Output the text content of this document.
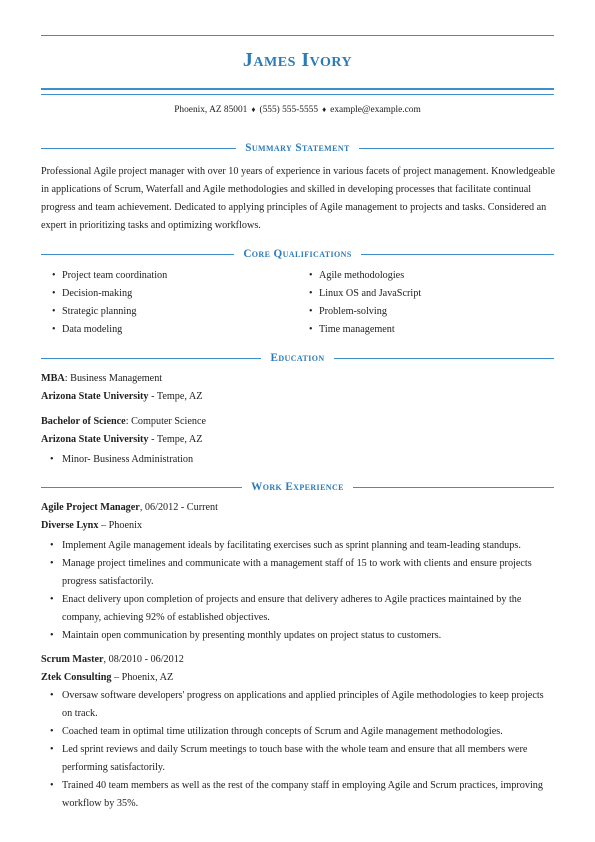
James Ivory
Phoenix, AZ 85001 ♦ (555) 555-5555 ♦ example@example.com
Summary Statement
Professional Agile project manager with over 10 years of experience in various facets of project management. Knowledgeable in applications of Scrum, Waterfall and Agile methodologies and skilled in developing processes that facilitate continual progress and team achievement. Dedicated to applying principles of Agile management to projects and tasks. Considered an expert in prioritizing tasks and optimizing workflows.
Core Qualifications
• Project team coordination
• Decision-making
• Strategic planning
• Data modeling
• Agile methodologies
• Linux OS and JavaScript
• Problem-solving
• Time management
Education
MBA: Business Management
Arizona State University - Tempe, AZ
Bachelor of Science: Computer Science
Arizona State University - Tempe, AZ
• Minor- Business Administration
Work Experience
Agile Project Manager, 06/2012 - Current
Diverse Lynx – Phoenix
• Implement Agile management ideals by facilitating exercises such as sprint planning and team-leading standups.
• Manage project timelines and communicate with a management staff of 15 to work with clients and ensure projects progress satisfactorily.
• Enact delivery upon completion of projects and ensure that delivery adheres to Agile practices maintained by the company, achieving 92% of established objectives.
• Maintain open communication by presenting monthly updates on project status to customers.
Scrum Master, 08/2010 - 06/2012
Ztek Consulting – Phoenix, AZ
• Oversaw software developers' progress on applications and applied principles of Agile methodologies to keep projects on track.
• Coached team in optimal time utilization through concepts of Scrum and Agile management methodologies.
• Led sprint reviews and daily Scrum meetings to touch base with the whole team and ensure that all members were performing satisfactorily.
• Trained 40 team members as well as the rest of the company staff in employing Agile and Scrum practices, improving workflow by 35%.
